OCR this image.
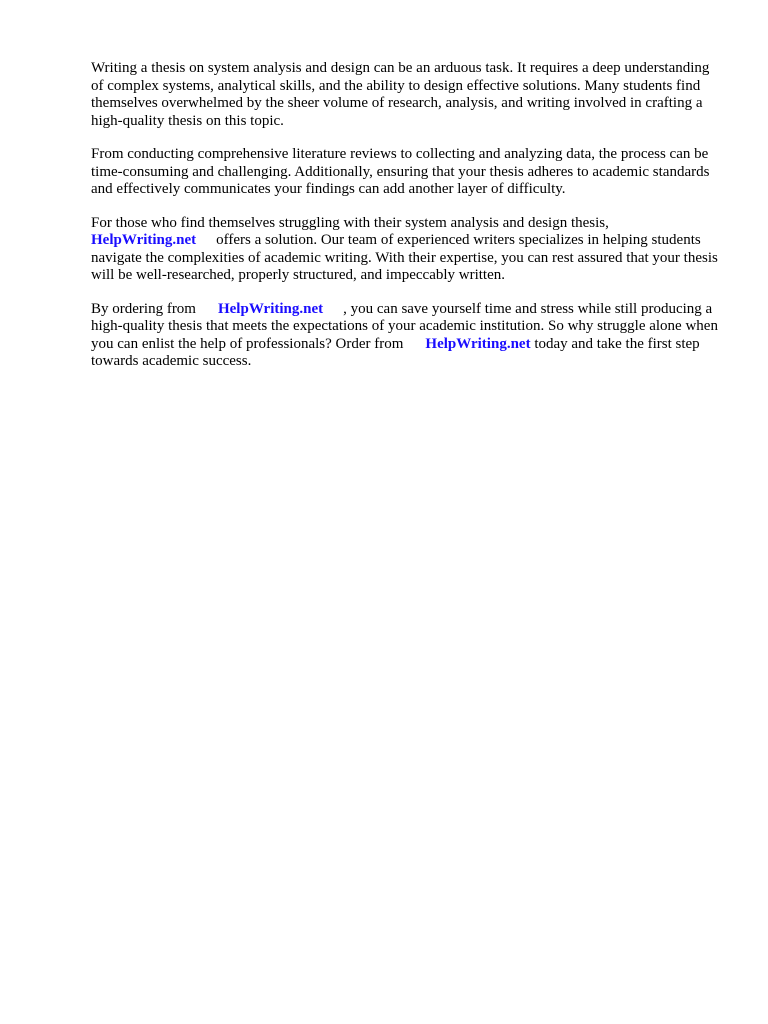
Writing a thesis on system analysis and design can be an arduous task. It requires a deep understanding of complex systems, analytical skills, and the ability to design effective solutions. Many students find themselves overwhelmed by the sheer volume of research, analysis, and writing involved in crafting a high-quality thesis on this topic.

From conducting comprehensive literature reviews to collecting and analyzing data, the process can be time-consuming and challenging. Additionally, ensuring that your thesis adheres to academic standards and effectively communicates your findings can add another layer of difficulty.

For those who find themselves struggling with their system analysis and design thesis,
HelpWriting.net offers a solution. Our team of experienced writers specializes in helping students navigate the complexities of academic writing. With their expertise, you can rest assured that your thesis will be well-researched, properly structured, and impeccably written.

By ordering from HelpWriting.net , you can save yourself time and stress while still producing a high-quality thesis that meets the expectations of your academic institution. So why struggle alone when you can enlist the help of professionals? Order from HelpWriting.net today and take the first step towards academic success.
